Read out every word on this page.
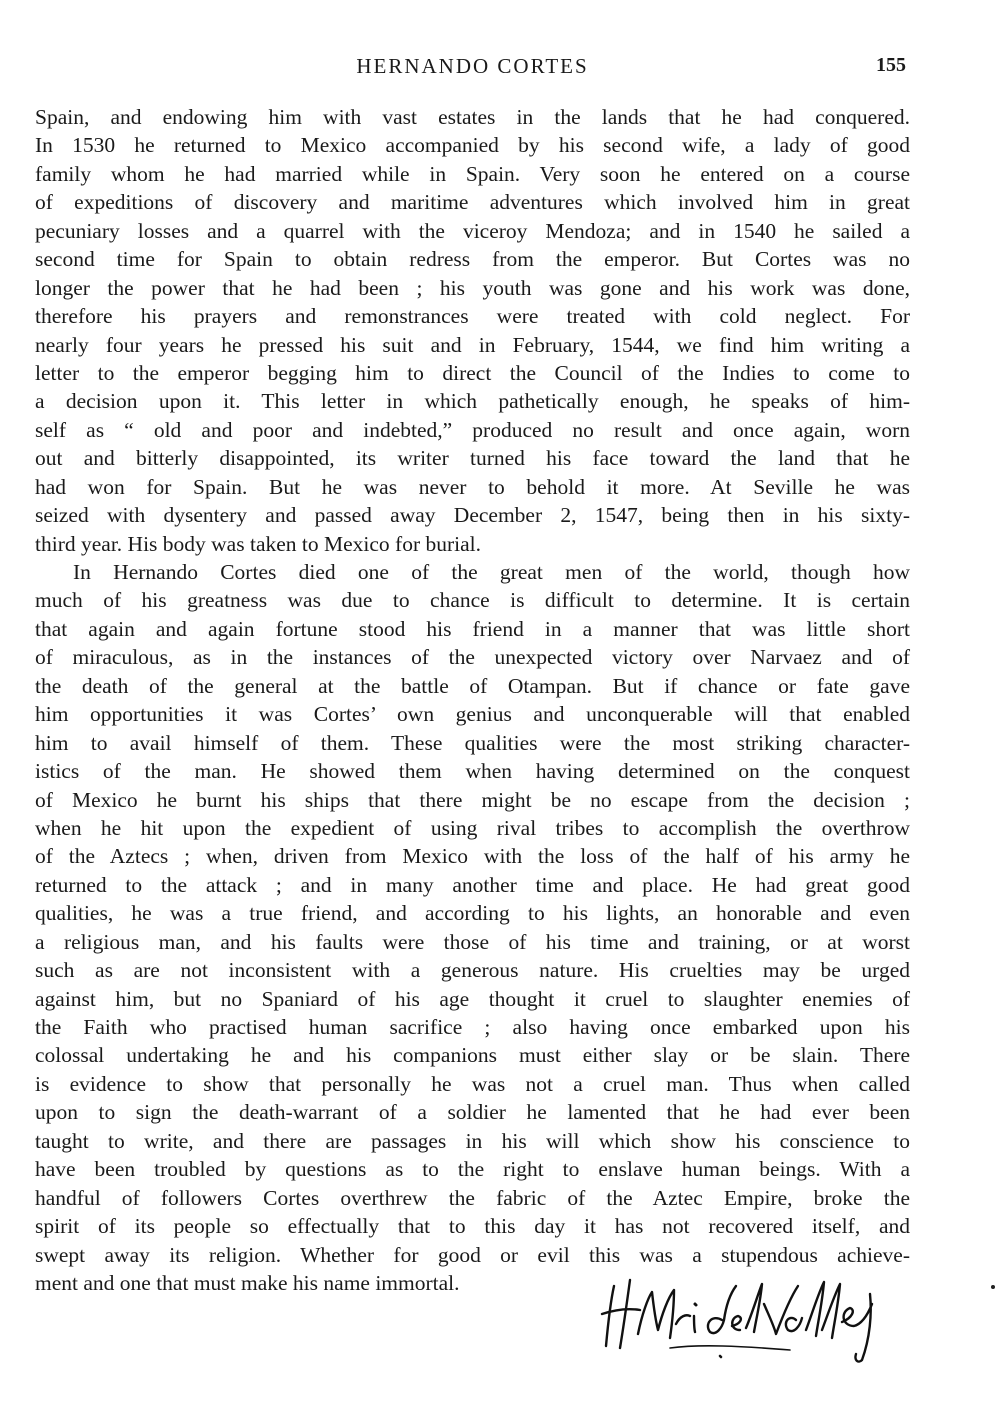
HERNANDO CORTES	155
Spain, and endowing him with vast estates in the lands that he had conquered.
In 1530 he returned to Mexico accompanied by his second wife, a lady of good
family whom he had married while in Spain. Very soon he entered on a course
of expeditions of discovery and maritime adventures which involved him in great
pecuniary losses and a quarrel with the viceroy Mendoza; and in 1540 he sailed a
second time for Spain to obtain redress from the emperor. But Cortes was no
longer the power that he had been ; his youth was gone and his work was done,
therefore his prayers and remonstrances were treated with cold neglect. For
nearly four years he pressed his suit and in February, 1544, we find him writing a
letter to the emperor begging him to direct the Council of the Indies to come to
a decision upon it. This letter in which pathetically enough, he speaks of him-
self as “ old and poor and indebted,” produced no result and once again, worn
out and bitterly disappointed, its writer turned his face toward the land that he
had won for Spain. But he was never to behold it more. At Seville he was
seized with dysentery and passed away December 2, 1547, being then in his sixty-
third year. His body was taken to Mexico for burial.
In Hernando Cortes died one of the great men of the world, though how
much of his greatness was due to chance is difficult to determine. It is certain
that again and again fortune stood his friend in a manner that was little short
of miraculous, as in the instances of the unexpected victory over Narvaez and of
the death of the general at the battle of Otampan. But if chance or fate gave
him opportunities it was Cortes’ own genius and unconquerable will that enabled
him to avail himself of them. These qualities were the most striking character-
istics of the man. He showed them when having determined on the conquest
of Mexico he burnt his ships that there might be no escape from the decision ;
when he hit upon the expedient of using rival tribes to accomplish the overthrow
of the Aztecs ; when, driven from Mexico with the loss of the half of his army he
returned to the attack ; and in many another time and place. He had great good
qualities, he was a true friend, and according to his lights, an honorable and even
a religious man, and his faults were those of his time and training, or at worst
such as are not inconsistent with a generous nature. His cruelties may be urged
against him, but no Spaniard of his age thought it cruel to slaughter enemies of
the Faith who practised human sacrifice ; also having once embarked upon his
colossal undertaking he and his companions must either slay or be slain. There
is evidence to show that personally he was not a cruel man. Thus when called
upon to sign the death-warrant of a soldier he lamented that he had ever been
taught to write, and there are passages in his will which show his conscience to
have been troubled by questions as to the right to enslave human beings. With a
handful of followers Cortes overthrew the fabric of the Aztec Empire, broke the
spirit of its people so effectually that to this day it has not recovered itself, and
swept away its religion. Whether for good or evil this was a stupendous achieve-
ment and one that must make his name immortal.
